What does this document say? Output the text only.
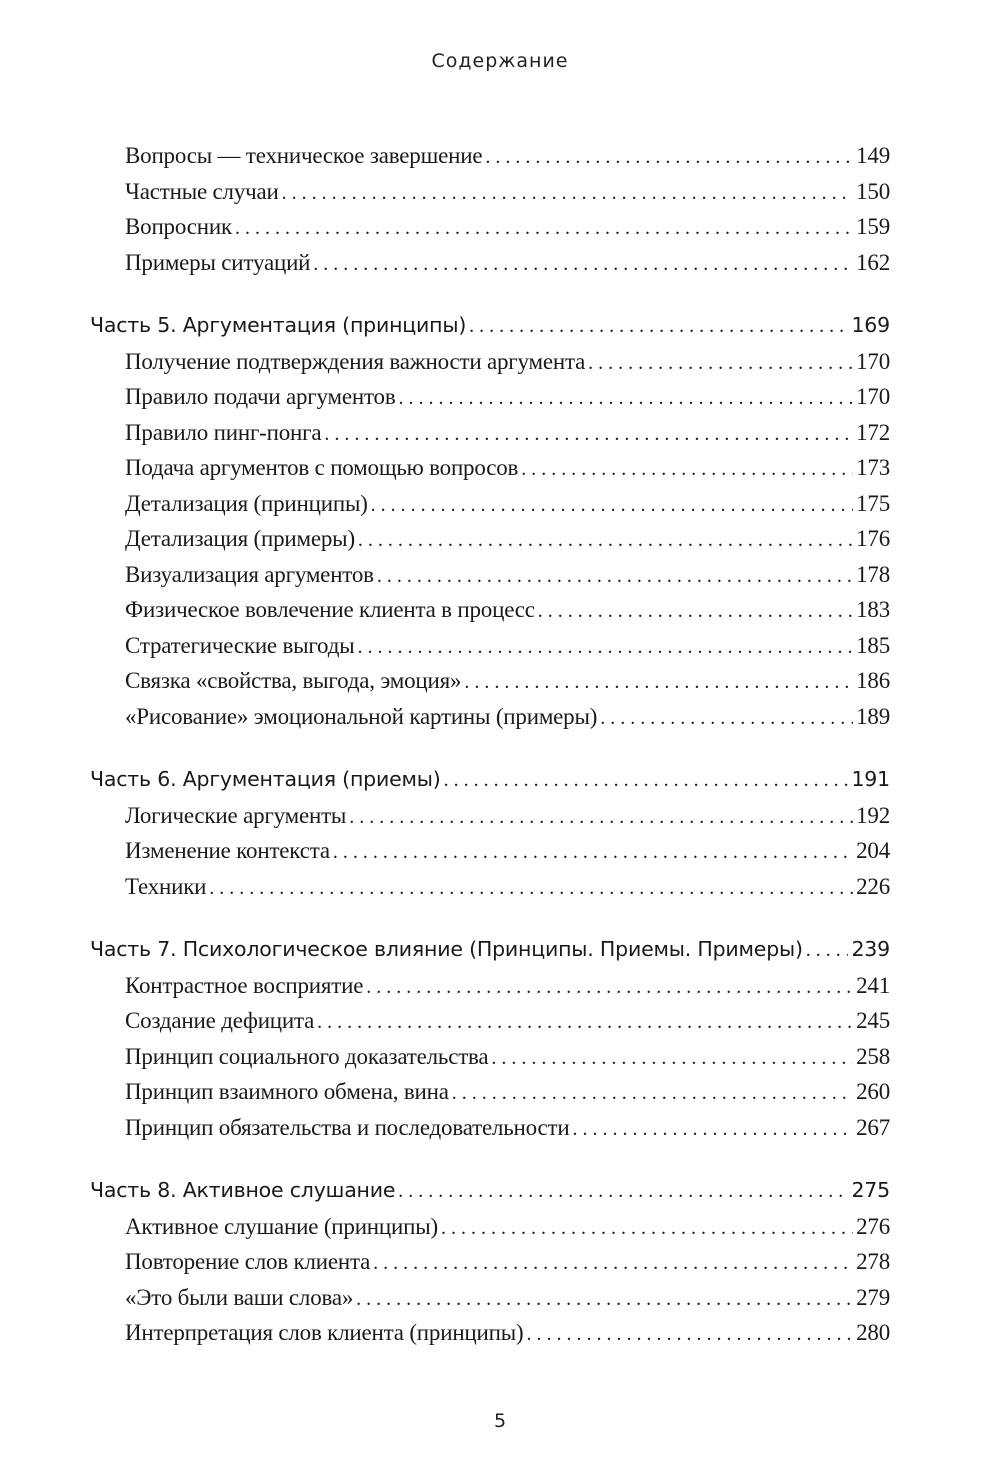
Содержание
Вопросы — техническое завершение . . .	149
Частные случаи . . .	150
Вопросник . . .	159
Примеры ситуаций . . .	162
Часть 5. Аргументация (принципы) . . .	169
Получение подтверждения важности аргумента . . .	170
Правило подачи аргументов . . .	170
Правило пинг-понга . . .	172
Подача аргументов с помощью вопросов . . .	173
Детализация (принципы) . . .	175
Детализация (примеры) . . .	176
Визуализация аргументов . . .	178
Физическое вовлечение клиента в процесс . . .	183
Стратегические выгоды . . .	185
Связка «свойства, выгода, эмоция» . . .	186
«Рисование» эмоциональной картины (примеры) . . .	189
Часть 6. Аргументация (приемы) . . .	191
Логические аргументы . . .	192
Изменение контекста . . .	204
Техники . . .	226
Часть 7. Психологическое влияние (Принципы. Приемы. Примеры) . . . 239
Контрастное восприятие . . .	241
Создание дефицита . . .	245
Принцип социального доказательства . . .	258
Принцип взаимного обмена, вина . . .	260
Принцип обязательства и последовательности . . .	267
Часть 8. Активное слушание . . .	275
Активное слушание (принципы) . . .	276
Повторение слов клиента . . .	278
«Это были ваши слова» . . .	279
Интерпретация слов клиента (принципы) . . .	280
5
